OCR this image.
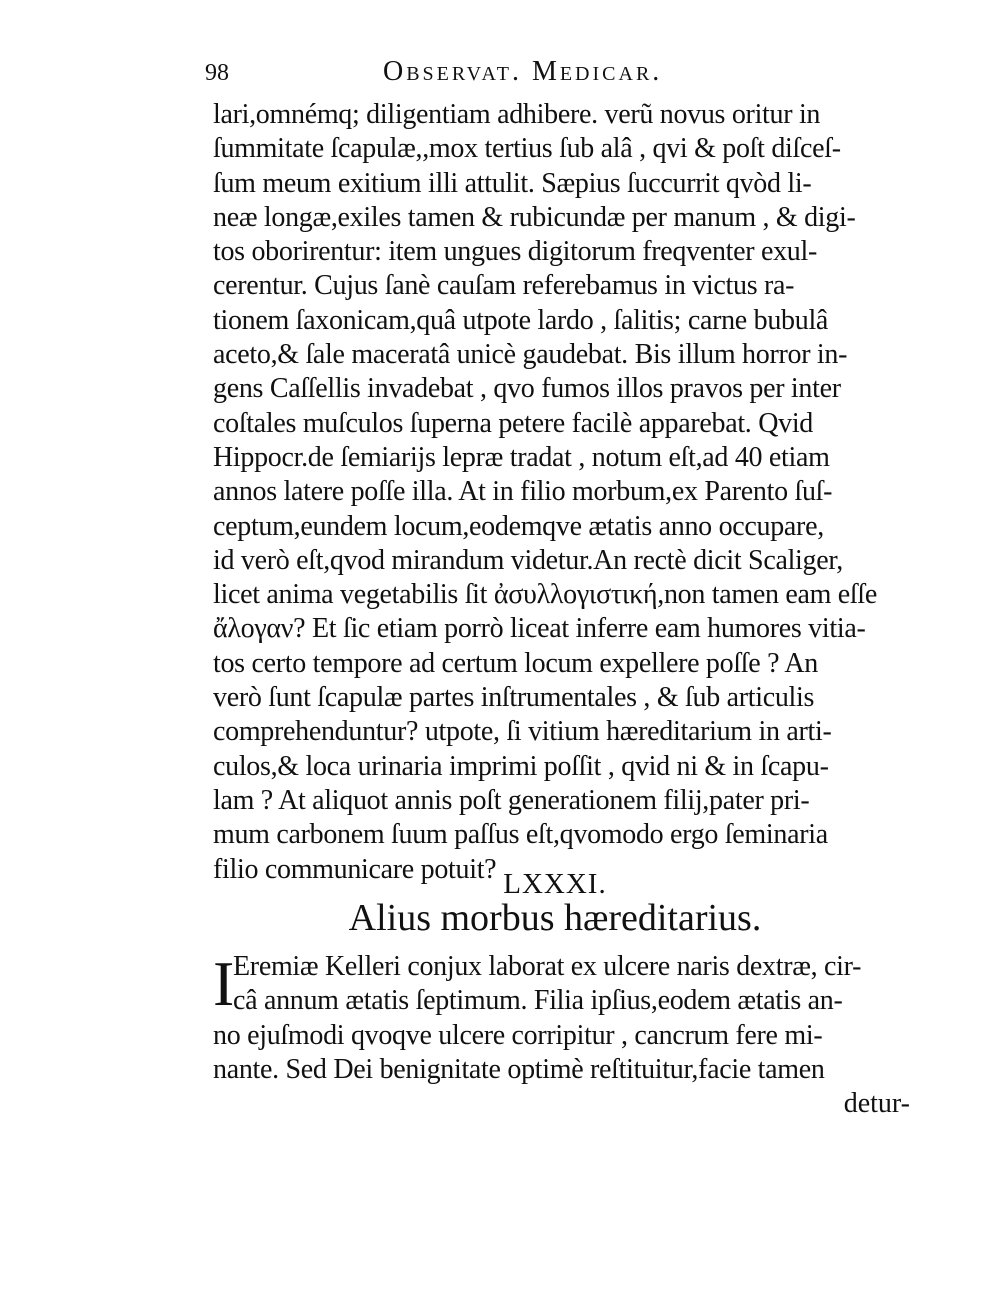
98	Observat. Medicar.
lari,omnémq; diligentiam adhibere. verũ novus oritur in
ſummitate ſcapulæ,,mox tertius ſub alâ , qvi & poſt diſceſ-
ſum meum exitium illi attulit. Sæpius ſuccurrit qvòd li-
neæ longæ,exiles tamen & rubicundæ per manum , & digi-
tos oborirentur: item ungues digitorum freqventer exul-
cerentur. Cujus ſanè cauſam referebamus in victus ra-
tionem ſaxonicam,quâ utpote lardo , ſalitis; carne bubulâ
aceto,& ſale maceratâ unicè gaudebat. Bis illum horror in-
gens Caſſellis invadebat , qvo fumos illos pravos per inter
coſtales muſculos ſuperna petere facilè apparebat. Qvid
Hippocr.de ſemiarijs lepræ tradat , notum eſt,ad 40 etiam
annos latere poſſe illa. At in filio morbum,ex Parento ſuſ-
ceptum,eundem locum,eodemqve ætatis anno occupare,
id verò eſt,qvod mirandum videtur.An rectè dicit Scaliger,
licet anima vegetabilis ſit ἀσυλλογιστική,non tamen eam eſſe
ἄλογαν? Et ſic etiam porrò liceat inferre eam humores vitia-
tos certo tempore ad certum locum expellere poſſe ? An
verò ſunt ſcapulæ partes inſtrumentales , & ſub articulis
comprehenduntur? utpote, ſi vitium hæreditarium in arti-
culos,& loca urinaria imprimi poſſit , qvid ni & in ſcapu-
lam ? At aliquot annis poſt generationem filij,pater pri-
mum carbonem ſuum paſſus eſt,qvomodo ergo ſeminaria
filio communicare potuit? LXXXI.
Alius morbus hæreditarius.
I
Eremiæ Kelleri conjux laborat ex ulcere naris dextræ, cir-
câ annum ætatis ſeptimum. Filia ipſius,eodem ætatis an-
no ejuſmodi qvoqve ulcere corripitur , cancrum fere mi-
nante. Sed Dei benignitate optimè reſtituitur,facie tamen
detur-
